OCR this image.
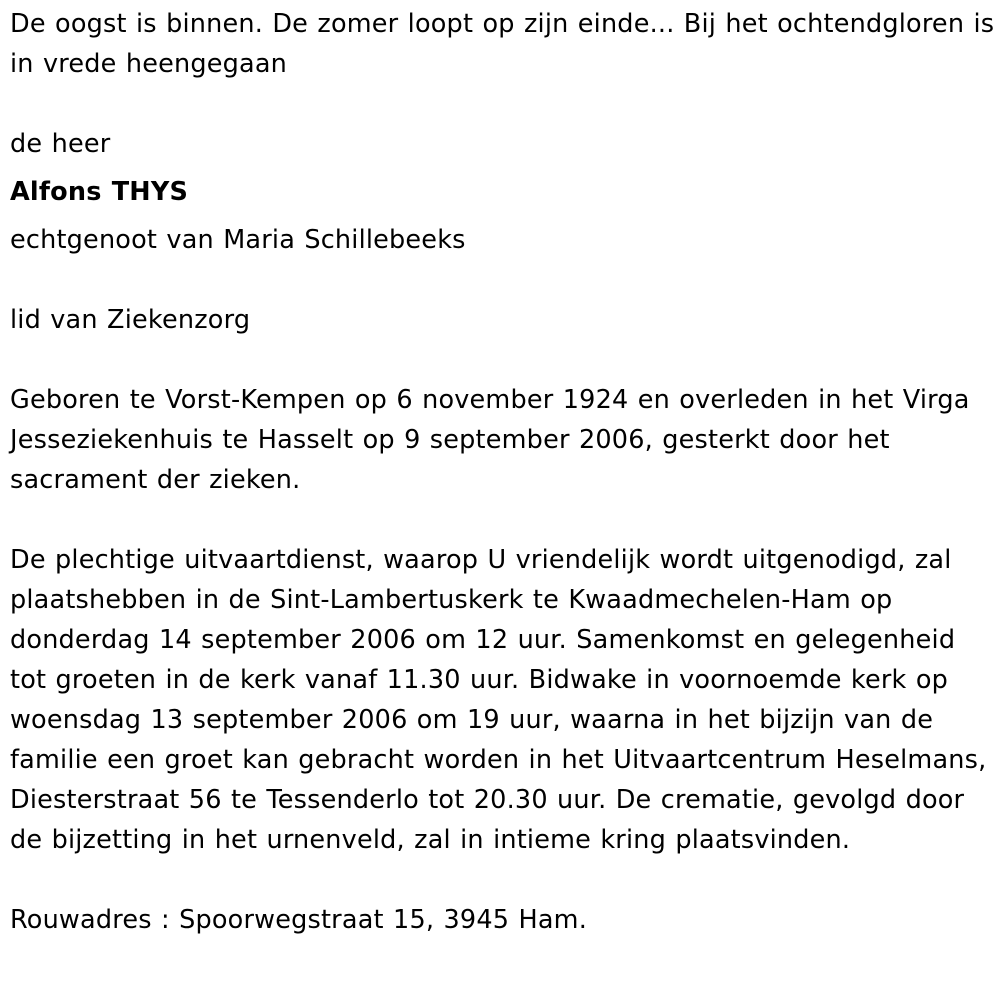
De oogst is binnen. De zomer loopt op zijn einde... Bij het ochtendgloren is in vrede heengegaan

de heer

Alfons THYS

echtgenoot van Maria Schillebeeks

lid van Ziekenzorg

Geboren te Vorst-Kempen op 6 november 1924 en overleden in het Virga Jesseziekenhuis te Hasselt op 9 september 2006, gesterkt door het sacrament der zieken.

De plechtige uitvaartdienst, waarop U vriendelijk wordt uitgenodigd, zal plaatshebben in de Sint-Lambertuskerk te Kwaadmechelen-Ham op donderdag 14 september 2006 om 12 uur. Samenkomst en gelegenheid tot groeten in de kerk vanaf 11.30 uur. Bidwake in voornoemde kerk op woensdag 13 september 2006 om 19 uur, waarna in het bijzijn van de familie een groet kan gebracht worden in het Uitvaartcentrum Heselmans, Diesterstraat 56 te Tessenderlo tot 20.30 uur. De crematie, gevolgd door de bijzetting in het urnenveld, zal in intieme kring plaatsvinden.

Rouwadres : Spoorwegstraat 15, 3945 Ham.
